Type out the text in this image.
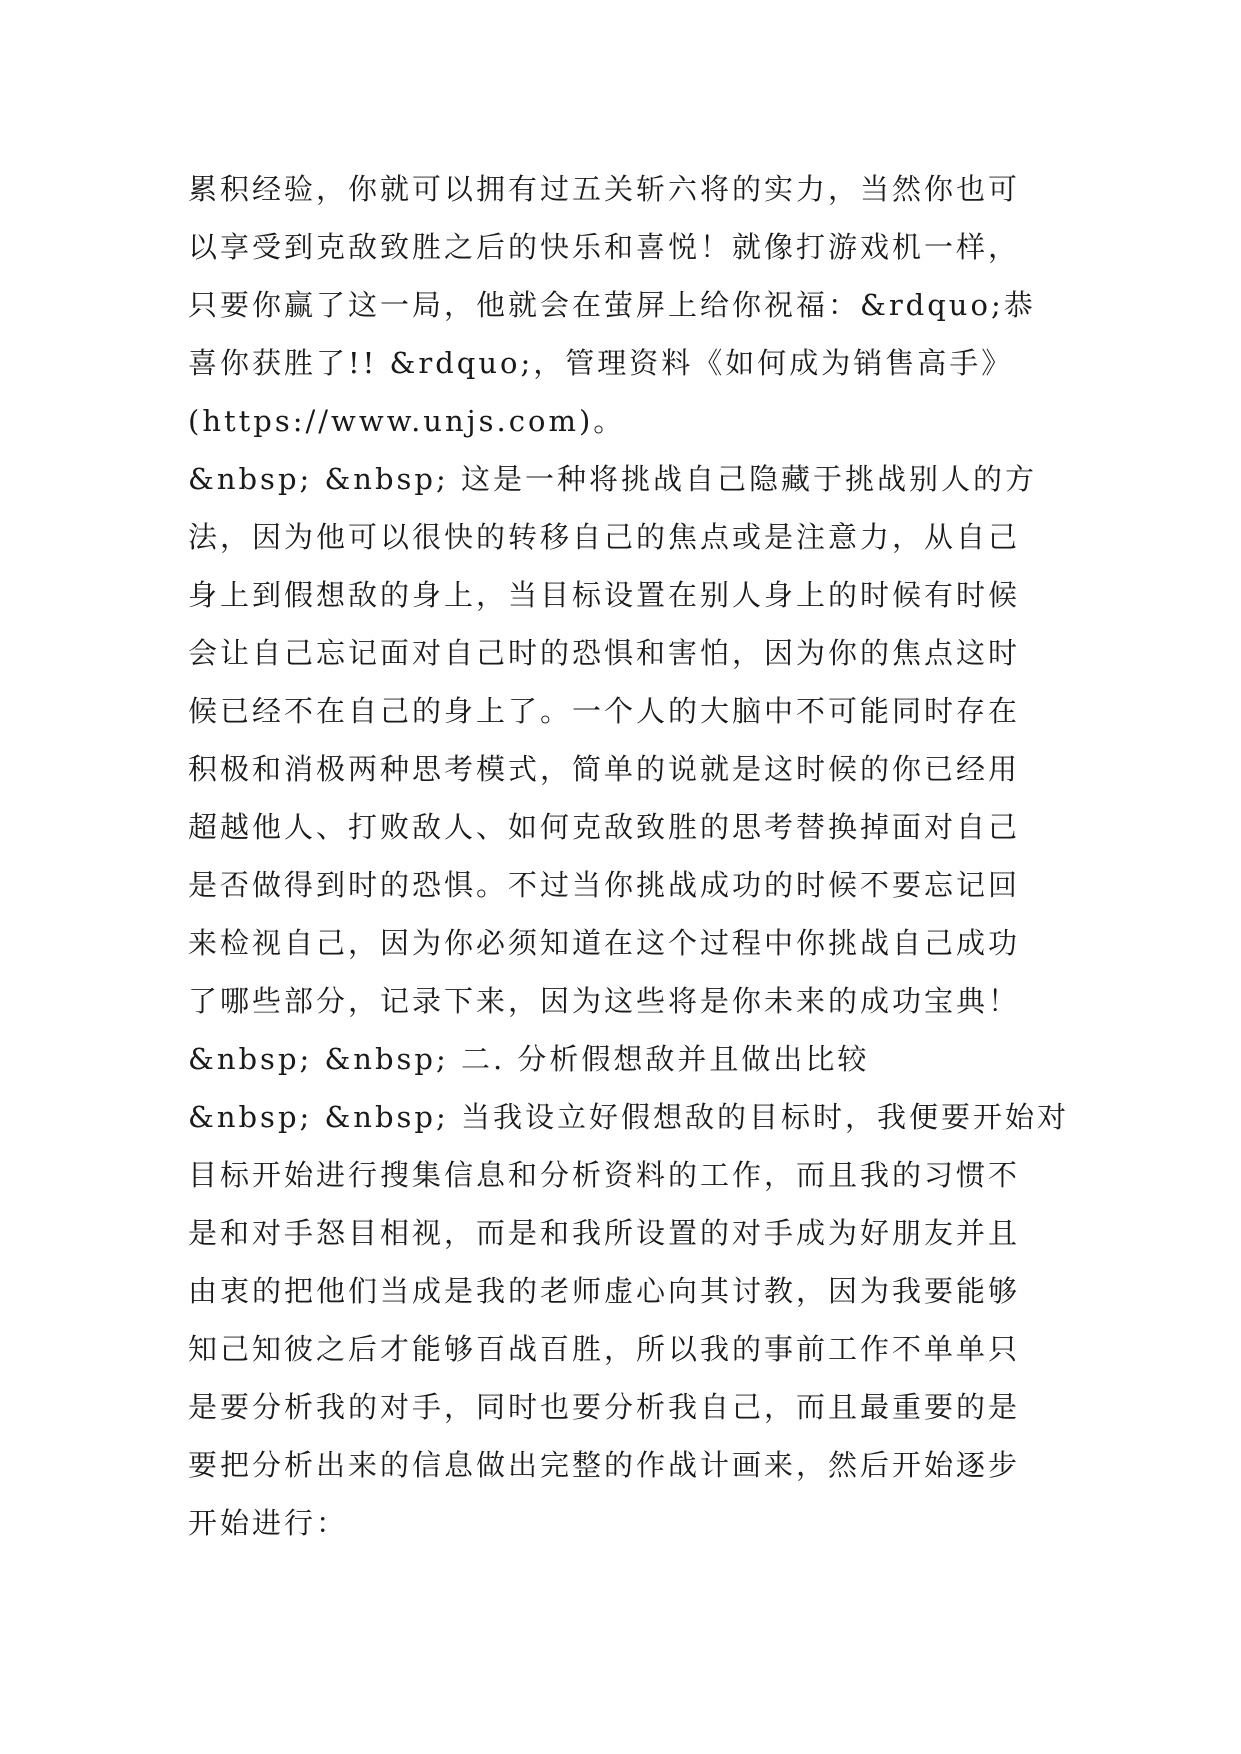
累积经验，你就可以拥有过五关斩六将的实力，当然你也可
以享受到克敌致胜之后的快乐和喜悦！就像打游戏机一样，
只要你赢了这一局，他就会在萤屏上给你祝福：&rdquo;恭
喜你获胜了!! &rdquo;，管理资料《如何成为销售高手》
(https://www.unjs.com)。
&nbsp; &nbsp; 这是一种将挑战自己隐藏于挑战别人的方
法，因为他可以很快的转移自己的焦点或是注意力，从自己
身上到假想敌的身上，当目标设置在别人身上的时候有时候
会让自己忘记面对自己时的恐惧和害怕，因为你的焦点这时
候已经不在自己的身上了。一个人的大脑中不可能同时存在
积极和消极两种思考模式，简单的说就是这时候的你已经用
超越他人、打败敌人、如何克敌致胜的思考替换掉面对自己
是否做得到时的恐惧。不过当你挑战成功的时候不要忘记回
来检视自己，因为你必须知道在这个过程中你挑战自己成功
了哪些部分，记录下来，因为这些将是你未来的成功宝典！
&nbsp; &nbsp; 二. 分析假想敌并且做出比较
&nbsp; &nbsp; 当我设立好假想敌的目标时，我便要开始对
目标开始进行搜集信息和分析资料的工作，而且我的习惯不
是和对手怒目相视，而是和我所设置的对手成为好朋友并且
由衷的把他们当成是我的老师虚心向其讨教，因为我要能够
知己知彼之后才能够百战百胜，所以我的事前工作不单单只
是要分析我的对手，同时也要分析我自己，而且最重要的是
要把分析出来的信息做出完整的作战计画来，然后开始逐步
开始进行：
